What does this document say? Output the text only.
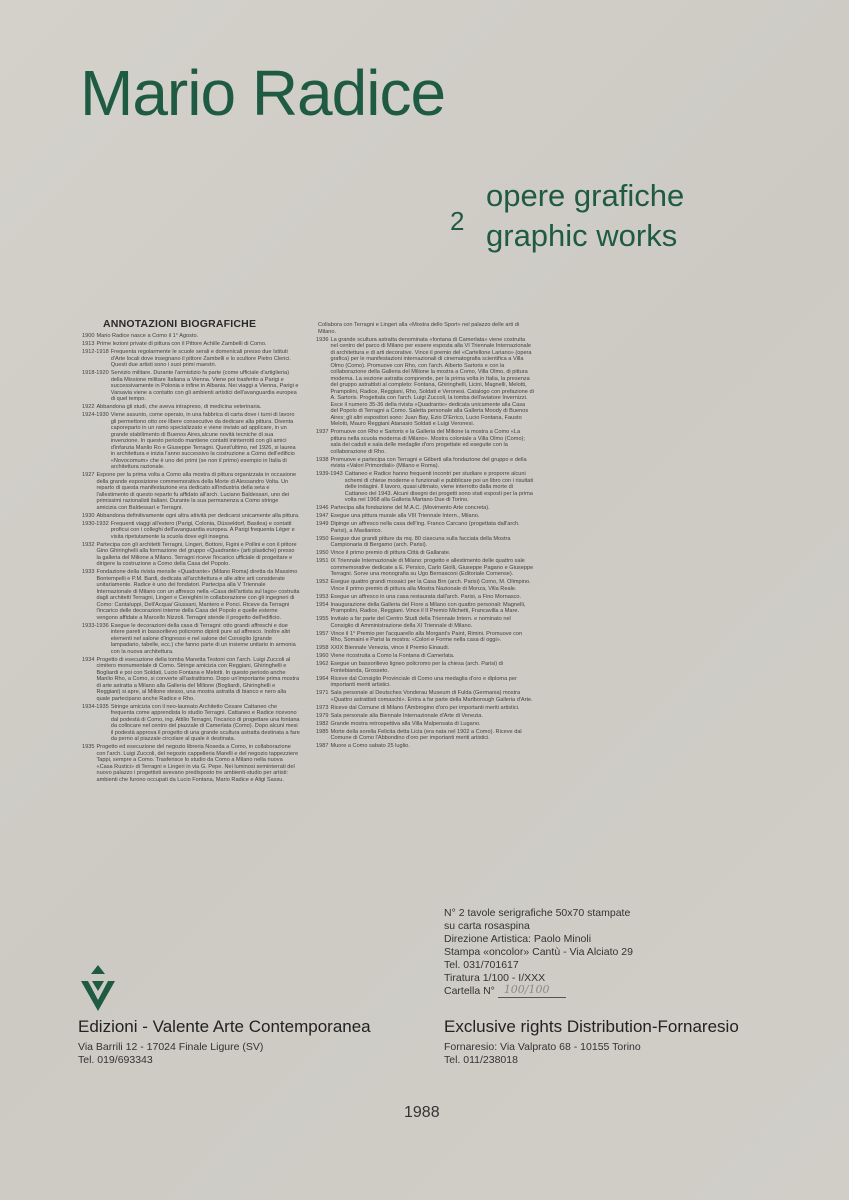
Mario Radice
2
opere grafiche
graphic works
ANNOTAZIONI BIOGRAFICHE
1900 Mario Radice nasce a Como il 1° Agosto.
1913 Prime lezioni private di pittura con il Pittore Achille Zambelli di Como.
1912-1918 Frequenta regolarmente le scuole serali e domenicali presso due Istituti d'Arte locali dove insegnano il pittore Zambelli e lo scultore Pietro Clerici. Questi due artisti sono i suoi primi maestri.
1918-1920 Servizio militare. Durante l'armistizio fa parte (come ufficiale d'artiglieria) della Missione militare Italiana a Vienna. Viene poi trasferito a Parigi e successivamente in Polonia e infine in Albania. Nei viaggi a Vienna, Parigi e Varsavia viene a contatto con gli ambienti artistici dell'avanguardia europea di quel tempo.
1922 Abbandona gli studi, che aveva intrapreso, di medicina veterinaria.
1924-1930 Viene assunto, come operaio, in una fabbrica di carta dove i turni di lavoro gli permettono otto ore libere consecutive da dedicare alla pittura. Diventa caporeparto in un ramo specializzato e viene inviato ad applicare, in un grande stabilimento di Buenos Aires,alcune novità tecniche di sua invenzione. In questo periodo mantiene contatti ininterrotti con gli amici d'infanzia Manlio Ro e Giuseppe Terragni. Quest'ultimo, nel 1926, si laurea in architettura e inizia l'anno successivo la costruzione a Como dell'edificio «Novocomum» che è uno dei primi (se non il primo) esempio in Italia di architettura razionale.
1927 Espone per la prima volta a Como alla mostra di pittura organizzata in occasione della grande esposizione commemorativa della Morte di Alessandro Volta. Un reparto di questa manifestazione era dedicato all'industria della seta e l'allestimento di questo reparto fu affidato all'arch. Luciano Baldessari, uno dei primissimi razionalisti italiani. Durante la sua permanenza a Como stringe amicizia con Baldessari e Terragni.
1930 Abbandona definitivamente ogni altra attività per dedicarsi unicamente alla pittura.
1930-1932 Frequenti viaggi all'estero (Parigi, Colonia, Düsseldorf, Basilea) e contatti proficui con i colleghi dell'avanguardia europea. A Parigi frequenta Léger e visita ripetutamente la scuola dove egli insegna.
1932 Partecipa con gli architetti Terragni, Lingeri, Bottoni, Figini e Pollini e con il pittore Gino Ghiringhelli alla formazione del gruppo «Quadrante» (arti plastiche) presso la galleria del Milione a Milano. Terragni riceve l'incarico ufficiale di progettare e dirigere la costruzione a Como della Casa del Popolo.
1933 Fondazione della rivista mensile «Quadrante» (Milano Roma) diretta da Massimo Bontempelli e P.M. Bardi, dedicata all'architettura e alle altre arti considerate unitariamente. Radice è uno dei fondatori. Partecipa alla V Triennale Internazionale di Milano con un affresco nella «Casa dell'artista sul lago» costruita dagli architetti Terragni, Lingeri e Cereghini in collaborazione con gli ingegneri di Como: Cantaluppi, Dell'Acqua/ Giussani, Mantero e Ponci. Riceve da Terragni l'incarico delle decorazioni interne della Casa del Popolo e quelle esterne vengono affidate a Marcello Nizzoli. Terragni stende il progetto dell'edificio.
1933-1936 Esegue le decorazioni della casa di Terragni: otto grandi affreschi e due intere pareti in bassorilievo policromo dipinti pure ad affresco. Inoltre altri elementi nel salone d'ingresso e nel salone del Consiglio (grande lampadario, tabelle, ecc.) che fanno parte di un insieme unitario in armonia con la nuova architettura.
1934 Progetto di esecuzione della tomba Manetta Testoni con l'arch. Luigi Zuccoli al cimitero monumentale di Como. Stringe amicizia con Reggiani, Ghiringhelli e Bogliardi e poi con Soldati, Lucio Fontana e Melotti. In questo periodo anche Manlio Rho, a Como, si converte all'astrattismo. Dopo un'importante prima mostra di arte astratta a Milano alla Galleria del Milione (Bogliardi, Ghiringhelli e Reggiani) si apre, al Milione stesso, una mostra astratta di bianco e nero alla quale partecipano anche Radice e Rho.
1934-1935 Stringe amicizia con il neo-laureato Architetto Cesare Cattaneo che frequenta come apprendista lo studio Terragni. Cattaneo e Radice ricevono dal podestà di Como, ing. Attilio Terragni, l'incarico di progettare una fontana da collocare nel centro del piazzale di Camerlata (Como). Dopo alcuni mesi il podestà approva il progetto di una grande scultura astratta destinata a fare da perno al piazzale circolare al quale è destinata.
1935 Progetto ed esecuzione del negozio libreria Noseda a Como, in collaborazione con l'arch. Luigi Zuccoli, del negozio cappelleria Marelli e del negozio tappezziere Tappi, sempre a Como. Trasferisce lo studio da Como a Milano nella nuova «Casa Rustici» di Terragni e Lingeri in via G. Pepe. Nei luminosi seminterrati del nuovo palazzo i progettisti avevano predisposto tre ambienti-studio per artisti: ambienti che furono occupati da Lucio Fontana, Mario Radice e Aligi Sassu.
Collabora con Terragni e Lingeri alla «Mostra dello Sport» nel palazzo delle arti di Milano.
1936 La grande scultura astratta denominata «fontana di Camerlata» viene costruita nel centro del parco di Milano per essere esposta alla VI Triennale Internazionale di architettura e di arti decorative. Vince il premio del «Cartellone Lariano» (opera grafica) per le manifestazioni internazionali di cinematografia scientifica a Villa Olmo (Como). Promuove con Rho, con l'arch. Alberto Sartoris e con la collaborazione della Galleria del Milione la mostra a Como, Villa Olmo, di pittura moderna. La sezione astratta comprende, per la prima volta in Italia, la presenza del gruppo astrattisti al completo: Fontana, Ghiringhelli, Licini, Magnelli, Melotti, Prampolini, Radice, Reggiani, Rho, Soldati e Veronesi. Catalogo con prefazione di A. Sartoris. Progettata con l'arch. Luigi Zuccoli, la tomba dell'aviatore Invernizzi. Esce il numero 35-36 della rivista «Quadrante» dedicata unicamente alla Casa del Popolo di Terragni a Como. Saletta personale alla Galleria Moody di Buenos Aires; gli altri espositori sono: Juan Bay, Ezio D'Errico, Lucio Fontana, Fausto Melotti, Mauro Reggiani Atanasio Soldati e Luigi Veronesi.
1937 Promuove con Rho e Sartoris e la Galleria del Milione la mostra a Como «La pittura nella scuola moderna di Milano». Mostra coloniale a Villa Olmo (Como); sala dei caduti e sala delle medaglie d'oro progettate ed eseguite con la collaborazione di Rho.
1938 Promuove e partecipa con Terragni e Gilberti alla fondazione del gruppo e della rivista «Valori Primordiali» (Milano e Roma).
1939-1943 Cattaneo e Radice hanno frequenti incontri per studiare e proporre alcuni schemi di chiese moderne e funzionali e pubblicare poi un libro con i risultati delle indagini. Il lavoro, quasi ultimato, viene interrotto dalla morte di Cattaneo del 1943. Alcuni disegni dei progetti sono stati esposti per la prima volta nel 1968 alla Galleria Martano Due di Torino.
1946 Partecipa alla fondazione del M.A.C. (Movimento Arte concreta).
1947 Esegue una pittura murale alla VIII Triennale Intern., Milano.
1949 Dipinge un affresco nella casa dell'ing. Franco Carcano (progettata dall'arch. Parisi), a Maslianico.
1950 Esegue due grandi pitture da mq. 80 ciascuna sulla facciata della Mostra Campionaria di Bergamo (arch. Parisi).
1950 Vince il primo premio di pittura Città di Gallarate.
1951 IX Triennale Internazionale di Milano: progetto e allestimento delle quattro sale commemorative dedicate a E. Persico, Carlo Giolli, Giuseppe Pagano e Giuseppe Terragni. Sorve una monografia su Ugo Bernasconi (Editoriale Comense).
1952 Esegue quattro grandi mosaici per la Casa Brn (arch. Parisi) Como, M. Olimpino. Vince il primo premio di pittura alla Mostra Nazionale di Monza, Villa Reale.
1953 Esegue un affresco in una casa restaurata dall'arch. Parisi, a Fino Mornasco.
1954 Inaugurazione della Galleria del Fiore a Milano con quattro personali: Magnelli, Prampolini, Radice, Reggiani. Vince il II Premio Michetti, Francavilla a Mare.
1955 Invitato a far parte del Centro Studi della Triennale Intern. e nominato nel Consiglio di Amministrazione della XI Triennale di Milano.
1957 Vince il 1° Premio per l'acquarello alla Morgant's Paint, Rimini. Promuove con Rho, Somaini e Parisi la mostra: «Colori e Forme nella casa di oggi».
1958 XXIX Biennale Venezia, vince il Premio Einaudi.
1960 Viene ricostruita a Como la Fontana di Camerlata.
1962 Esegue un bassorilievo ligneo policromo per la chiesa (arch. Parisi) di Fontebianda, Grosseto.
1964 Riceve dal Consiglio Provinciale di Como una medaglia d'oro e diploma per importanti meriti artistici.
1971 Sala personale al Deutsches Vonderau Museum di Fulda (Germania) mostra «Quattro astrattisti comaschi». Entra a far parte della Marlborough Galleria d'Arte.
1973 Riceve dal Comune di Milano l'Ambrogino d'oro per importanti meriti artistici.
1979 Sala personale alla Biennale Internazionale d'Arte di Venezia.
1982 Grande mostra retrospettiva alla Villa Malpensata di Lugano.
1985 Morte della sorella Felicita detta Licia (era nata nel 1902 a Como). Riceve dal Comune di Como l'Abbondino d'oro per importanti meriti artistici.
1987 Muore a Como sabato 25 luglio.
N° 2 tavole serigrafiche 50x70 stampate
su carta rosaspina
Direzione Artistica: Paolo Minoli
Stampa «oncolor» Cantù - Via Alciato 29
Tel. 031/701617
Tiratura 1/100 - I/XXX
Cartella N° 100/100
Edizioni - Valente Arte Contemporanea
Via Barrili 12 - 17024 Finale Ligure (SV)
Tel. 019/693343
Exclusive rights Distribution-Fornaresio
Fornaresio: Via Valprato 68 - 10155 Torino
Tel. 011/238018
1988
